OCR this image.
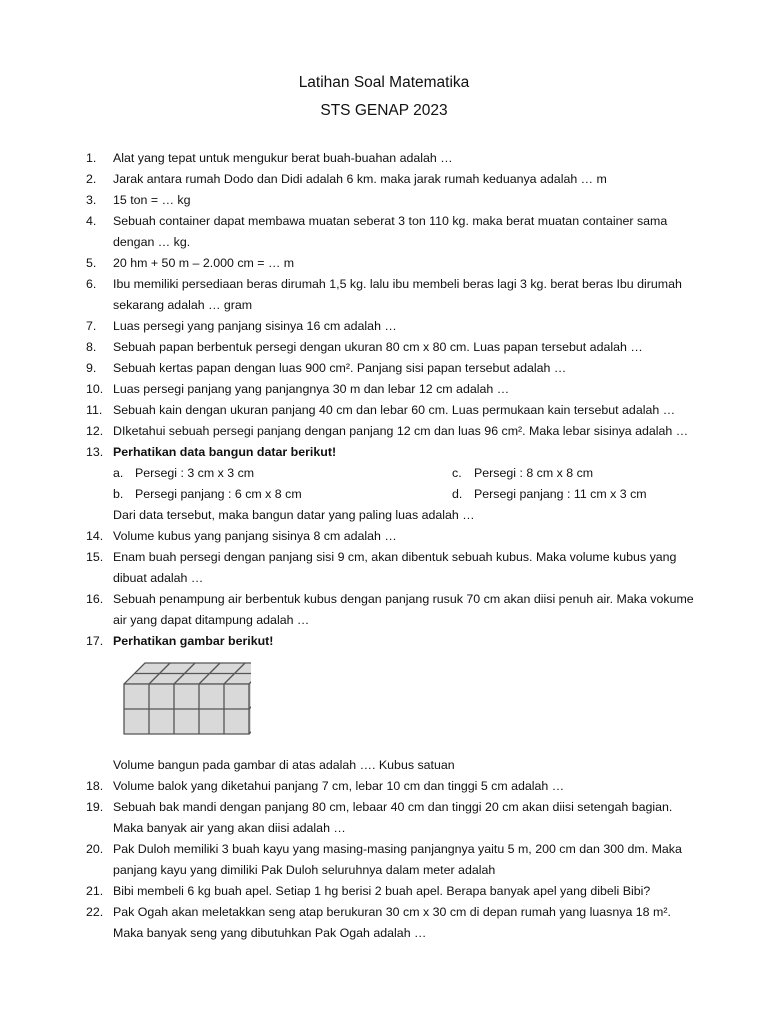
Latihan Soal Matematika
STS GENAP 2023
1. Alat yang tepat untuk mengukur berat buah-buahan adalah …
2. Jarak antara rumah Dodo dan Didi adalah 6 km. maka jarak rumah keduanya adalah … m
3. 15 ton = … kg
4. Sebuah container dapat membawa muatan seberat 3 ton 110 kg. maka berat muatan container sama
dengan … kg.
5. 20 hm + 50 m – 2.000 cm = … m
6. Ibu memiliki persediaan beras dirumah 1,5 kg. lalu ibu membeli beras lagi 3 kg. berat beras Ibu dirumah
sekarang adalah … gram
7. Luas persegi yang panjang sisinya 16 cm adalah …
8. Sebuah papan berbentuk persegi dengan ukuran 80 cm x 80 cm. Luas papan tersebut adalah …
9. Sebuah kertas papan dengan luas 900 cm². Panjang sisi papan tersebut adalah …
10. Luas persegi panjang yang panjangnya 30 m dan lebar 12 cm adalah …
11. Sebuah kain dengan ukuran panjang 40 cm dan lebar 60 cm. Luas permukaan kain tersebut adalah …
12. DIketahui sebuah persegi panjang dengan panjang 12 cm dan luas 96 cm². Maka lebar sisinya adalah …
13. Perhatikan data bangun datar berikut!
a. Persegi : 3 cm x 3 cm
b. Persegi panjang : 6 cm x 8 cm
c. Persegi : 8 cm x 8 cm
d. Persegi panjang : 11 cm x 3 cm
Dari data tersebut, maka bangun datar yang paling luas adalah …
14. Volume kubus yang panjang sisinya 8 cm adalah …
15. Enam buah persegi dengan panjang sisi 9 cm, akan dibentuk sebuah kubus. Maka volume kubus yang
dibuat adalah …
16. Sebuah penampung air berbentuk kubus dengan panjang rusuk 70 cm akan diisi penuh air. Maka vokume
air yang dapat ditampung adalah …
17. Perhatikan gambar berikut!
Volume bangun pada gambar di atas adalah …. Kubus satuan
18. Volume balok yang diketahui panjang 7 cm, lebar 10 cm dan tinggi 5 cm adalah …
19. Sebuah bak mandi dengan panjang 80 cm, lebaar 40 cm dan tinggi 20 cm akan diisi setengah bagian.
Maka banyak air yang akan diisi adalah …
20. Pak Duloh memiliki 3 buah kayu yang masing-masing panjangnya yaitu 5 m, 200 cm dan 300 dm. Maka
panjang kayu yang dimiliki Pak Duloh seluruhnya dalam meter adalah
21. Bibi membeli 6 kg buah apel. Setiap 1 hg berisi 2 buah apel. Berapa banyak apel yang dibeli Bibi?
22. Pak Ogah akan meletakkan seng atap berukuran 30 cm x 30 cm di depan rumah yang luasnya 18 m².
Maka banyak seng yang dibutuhkan Pak Ogah adalah …
